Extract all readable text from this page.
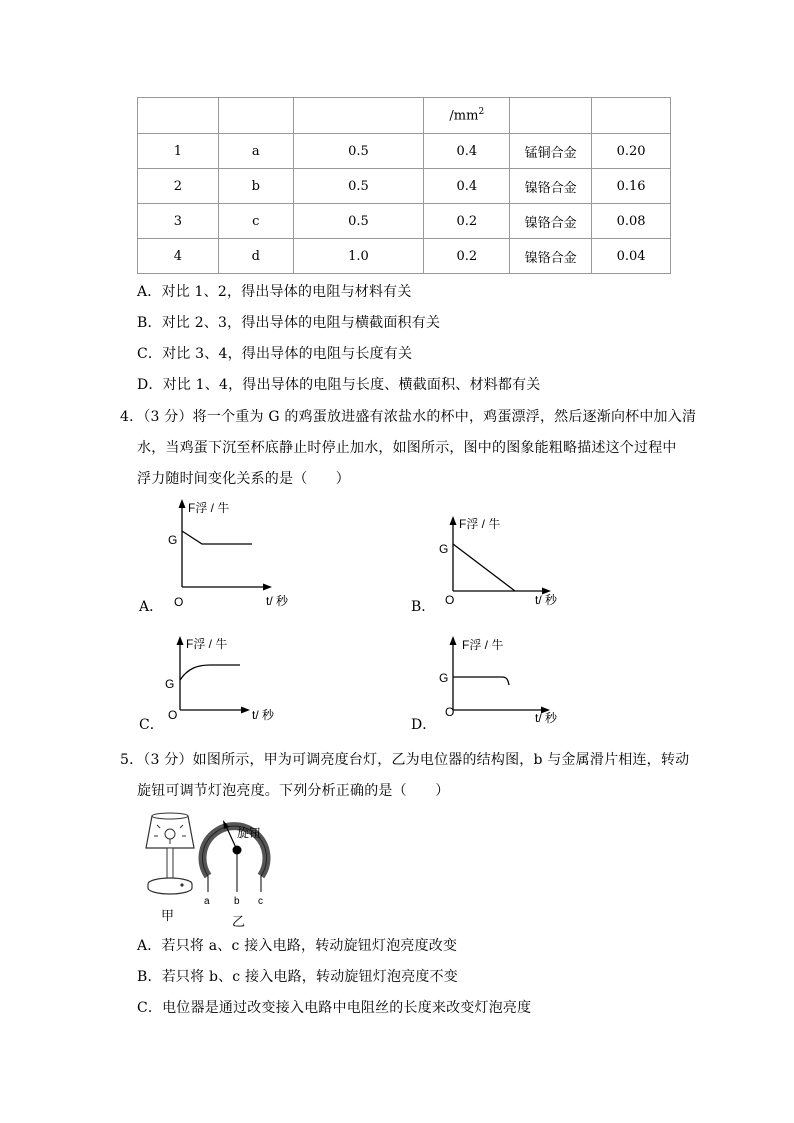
			$/mm^2$		
1	a	0.5	0.4	锰铜合金	0.20
2	b	0.5	0.4	镍铬合金	0.16
3	c	0.5	0.2	镍铬合金	0.08
4	d	1.0	0.2	镍铬合金	0.04
A．对比 1、2，得出导体的电阻与材料有关
B．对比 2、3，得出导体的电阻与横截面积有关
C．对比 3、4，得出导体的电阻与长度有关
D．对比 1、4，得出导体的电阻与长度、横截面积、材料都有关
4．（3 分）将一个重为 G 的鸡蛋放进盛有浓盐水的杯中，鸡蛋漂浮，然后逐渐向杯中加入清
水，当鸡蛋下沉至杯底静止时停止加水，如图所示，图中的图象能粗略描述这个过程中
浮力随时间变化关系的是（　　）
A．
F浮 / 牛
G
O	t/ 秒	B．
F浮 / 牛
G
O	t/ 秒
C．
F浮 / 牛
G
O	t/ 秒
D．
F浮 / 牛
G
O	t/ 秒
5．（3 分）如图所示，甲为可调亮度台灯，乙为电位器的结构图，b 与金属滑片相连，转动
旋钮可调节灯泡亮度。下列分析正确的是（　　）
旋钮
a b c
甲	乙
A．若只将 a、c 接入电路，转动旋钮灯泡亮度改变
B．若只将 b、c 接入电路，转动旋钮灯泡亮度不变
C．电位器是通过改变接入电路中电阻丝的长度来改变灯泡亮度
